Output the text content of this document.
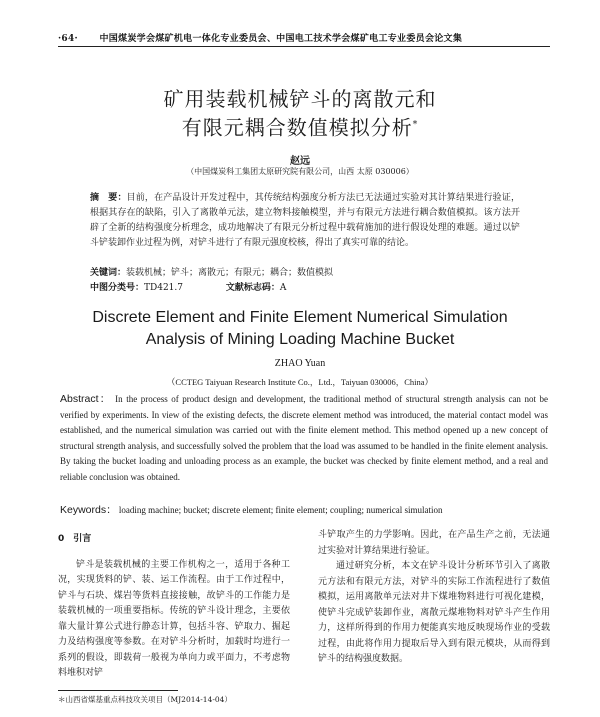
·64· 中国煤炭学会煤矿机电一体化专业委员会、中国电工技术学会煤矿电工专业委员会论文集
矿用装载机械铲斗的离散元和
有限元耦合数值模拟分析*
赵远
（中国煤炭科工集团太原研究院有限公司，山西 太原 030006）
摘　要：目前，在产品设计开发过程中，其传统结构强度分析方法已无法通过实验对其计算结果进行验证，根据其存在的缺陷，引入了离散单元法，建立物料接触模型，并与有限元方法进行耦合数值模拟。该方法开辟了全新的结构强度分析理念，成功地解决了有限元分析过程中载荷施加的进行假设处理的难题。通过以铲斗铲装卸作业过程为例，对铲斗进行了有限元强度校核，得出了真实可靠的结论。
关键词：装载机械；铲斗；离散元；有限元；耦合；数值模拟
中图分类号：TD421.7	文献标志码：A
Discrete Element and Finite Element Numerical Simulation
Analysis of Mining Loading Machine Bucket
ZHAO Yuan
（CCTEG Taiyuan Research Institute Co.，Ltd.，Taiyuan 030006，China）
Abstract： In the process of product design and development, the traditional method of structural strength analysis can not be verified by experiments. In view of the existing defects, the discrete element method was introduced, the material contact model was established, and the numerical simulation was carried out with the finite element method. This method opened up a new concept of structural strength analysis, and successfully solved the problem that the load was assumed to be handled in the finite element analysis. By taking the bucket loading and unloading process as an example, the bucket was checked by finite element method, and a real and reliable conclusion was obtained.
Keywords： loading machine; bucket; discrete element; finite element; coupling; numerical simulation

0　引言

铲斗是装载机械的主要工作机构之一，适用于各种工况，实现货料的铲、装、运工作流程。由于工作过程中，铲斗与石块、煤岩等货料直接接触，故铲斗的工作能力是装载机械的一项重要指标。传统的铲斗设计理念，主要依靠大量计算公式进行静态计算，包括斗容、铲取力、掘起力及结构强度等参数。在对铲斗分析时，加载时均进行一系列的假设，即载荷一般视为单向力或平面力，不考虑物料堆积对铲

斗铲取产生的力学影响。因此，在产品生产之前，无法通过实验对计算结果进行验证。

通过研究分析，本文在铲斗设计分析环节引入了离散元方法和有限元方法，对铲斗的实际工作流程进行了数值模拟，运用离散单元法对井下煤堆物料进行可视化建模，使铲斗完成铲装卸作业，离散元煤堆物料对铲斗产生作用力，这样所得到的作用力便能真实地反映现场作业的受载过程，由此将作用力提取后导入到有限元模块，从而得到铲斗的结构强度数据。

＊山西省煤基重点科技攻关项目（MJ2014-14-04）
